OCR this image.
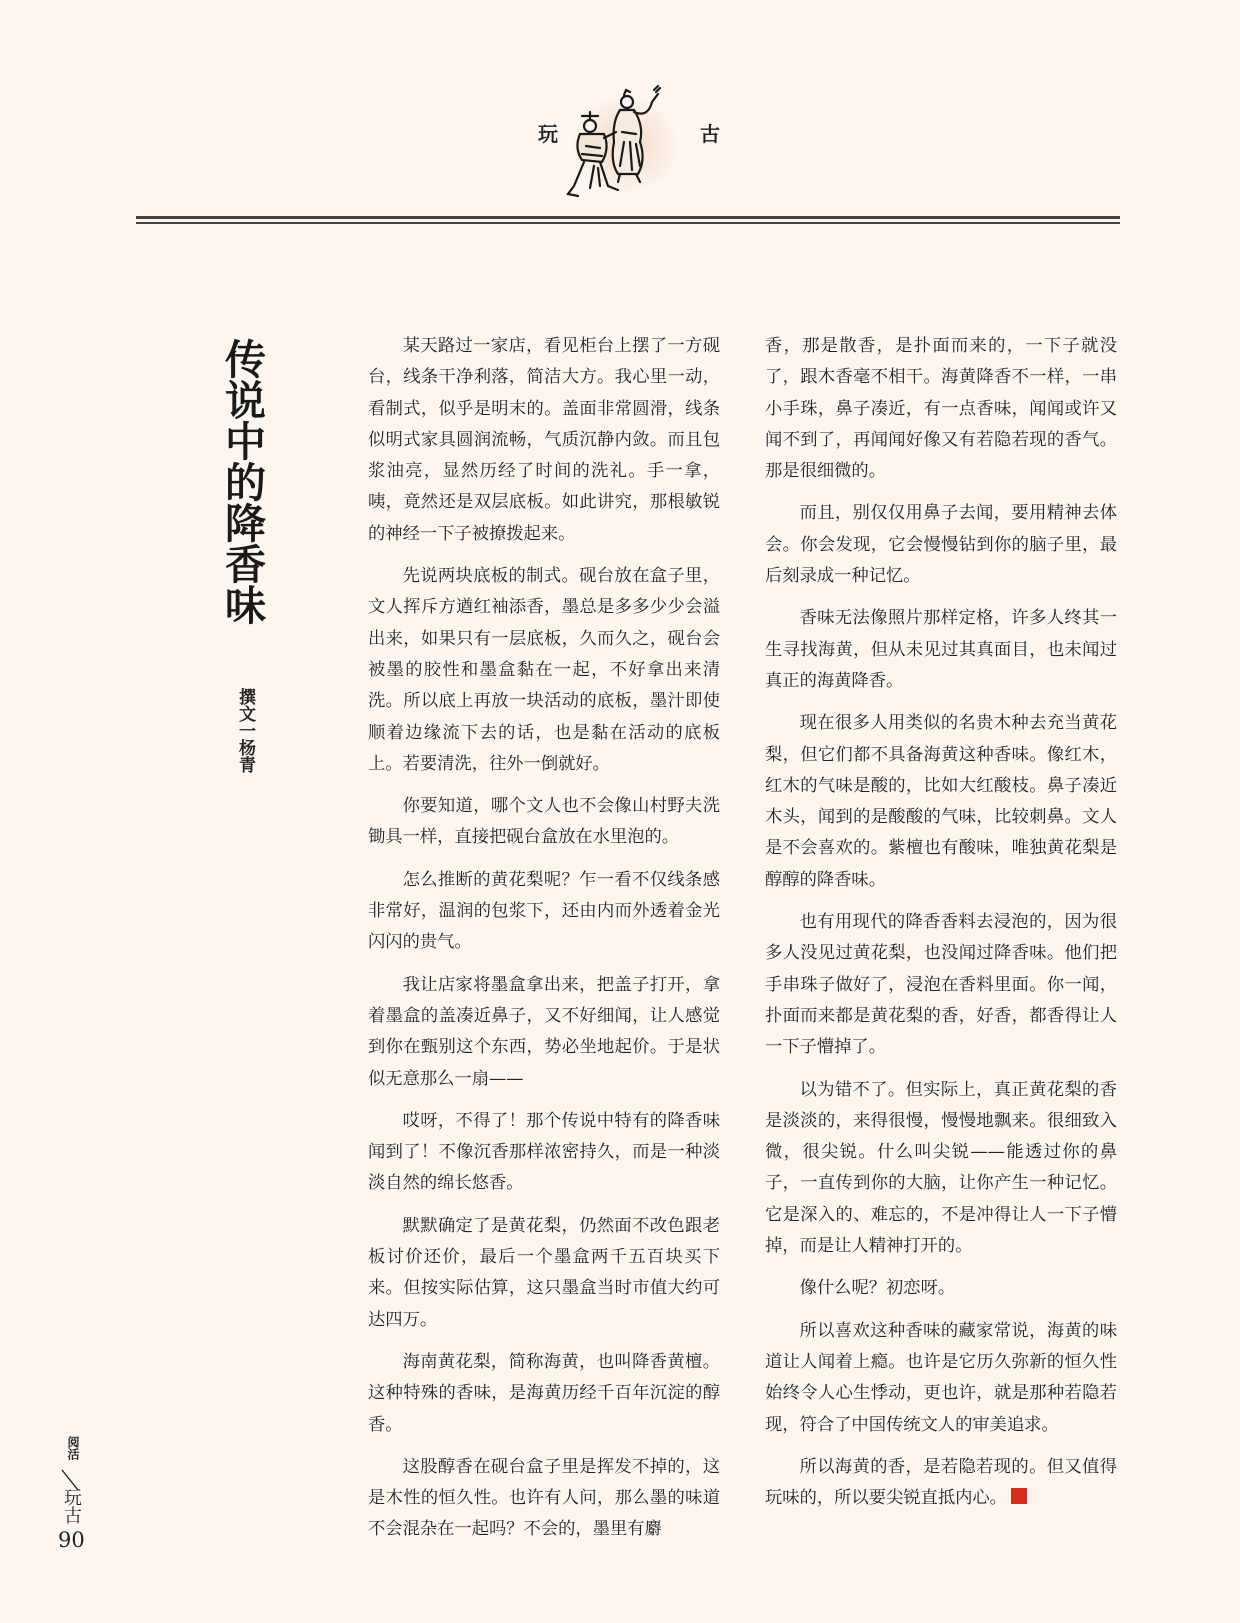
玩	古
传说中的降香味
撰文一杨青

某天路过一家店，看见柜台上摆了一方砚台，线条干净利落，简洁大方。我心里一动，看制式，似乎是明末的。盖面非常圆滑，线条似明式家具圆润流畅，气质沉静内敛。而且包浆油亮，显然历经了时间的洗礼。手一拿，咦，竟然还是双层底板。如此讲究，那根敏锐的神经一下子被撩拨起来。

先说两块底板的制式。砚台放在盒子里，文人挥斥方遒红袖添香，墨总是多多少少会溢出来，如果只有一层底板，久而久之，砚台会被墨的胶性和墨盒黏在一起，不好拿出来清洗。所以底上再放一块活动的底板，墨汁即使顺着边缘流下去的话，也是黏在活动的底板上。若要清洗，往外一倒就好。

你要知道，哪个文人也不会像山村野夫洗锄具一样，直接把砚台盒放在水里泡的。

怎么推断的黄花梨呢？乍一看不仅线条感非常好，温润的包浆下，还由内而外透着金光闪闪的贵气。

我让店家将墨盒拿出来，把盖子打开，拿着墨盒的盖凑近鼻子，又不好细闻，让人感觉到你在甄别这个东西，势必坐地起价。于是状似无意那么一扇——

哎呀，不得了！那个传说中特有的降香味闻到了！不像沉香那样浓密持久，而是一种淡淡自然的绵长悠香。

默默确定了是黄花梨，仍然面不改色跟老板讨价还价，最后一个墨盒两千五百块买下来。但按实际估算，这只墨盒当时市值大约可达四万。

海南黄花梨，简称海黄，也叫降香黄檀。这种特殊的香味，是海黄历经千百年沉淀的醇香。

这股醇香在砚台盒子里是挥发不掉的，这是木性的恒久性。也许有人问，那么墨的味道不会混杂在一起吗？不会的，墨里有麝

香，那是散香，是扑面而来的，一下子就没了，跟木香毫不相干。海黄降香不一样，一串小手珠，鼻子凑近，有一点香味，闻闻或许又闻不到了，再闻闻好像又有若隐若现的香气。那是很细微的。

而且，别仅仅用鼻子去闻，要用精神去体会。你会发现，它会慢慢钻到你的脑子里，最后刻录成一种记忆。

香味无法像照片那样定格，许多人终其一生寻找海黄，但从未见过其真面目，也未闻过真正的海黄降香。

现在很多人用类似的名贵木种去充当黄花梨，但它们都不具备海黄这种香味。像红木，红木的气味是酸的，比如大红酸枝。鼻子凑近木头，闻到的是酸酸的气味，比较刺鼻。文人是不会喜欢的。紫檀也有酸味，唯独黄花梨是醇醇的降香味。

也有用现代的降香香料去浸泡的，因为很多人没见过黄花梨，也没闻过降香味。他们把手串珠子做好了，浸泡在香料里面。你一闻，扑面而来都是黄花梨的香，好香，都香得让人一下子懵掉了。

以为错不了。但实际上，真正黄花梨的香是淡淡的，来得很慢，慢慢地飘来。很细致入微，很尖锐。什么叫尖锐——能透过你的鼻子，一直传到你的大脑，让你产生一种记忆。它是深入的、难忘的，不是冲得让人一下子懵掉，而是让人精神打开的。

像什么呢？初恋呀。

所以喜欢这种香味的藏家常说，海黄的味道让人闻着上瘾。也许是它历久弥新的恒久性始终令人心生悸动，更也许，就是那种若隐若现，符合了中国传统文人的审美追求。

所以海黄的香，是若隐若现的。但又值得玩味的，所以要尖锐直抵内心。

阅活
玩古
90
